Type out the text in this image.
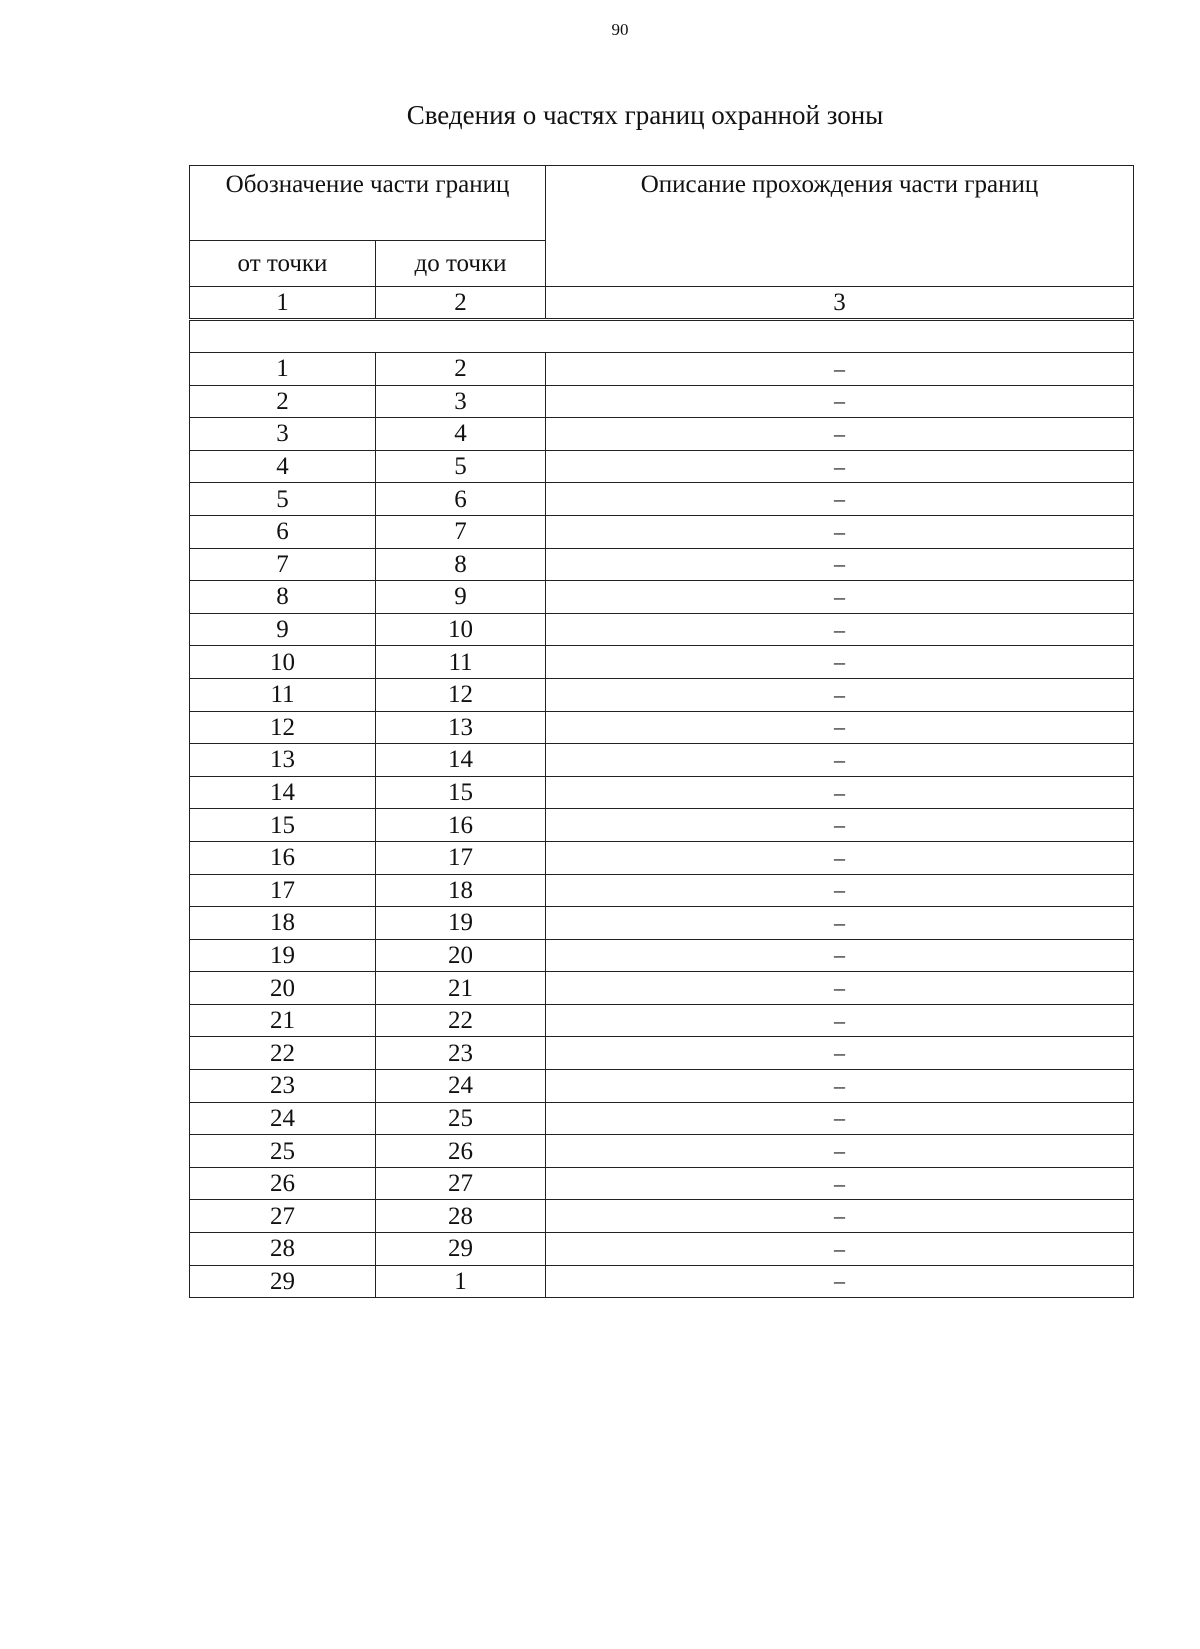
90
Сведения о частях границ охранной зоны
Обозначение части границ		Описание прохождения части границ
от точки	до точки	
1	2	3

1	2	–
2	3	–
3	4	–
4	5	–
5	6	–
6	7	–
7	8	–
8	9	–
9	10	–
10	11	–
11	12	–
12	13	–
13	14	–
14	15	–
15	16	–
16	17	–
17	18	–
18	19	–
19	20	–
20	21	–
21	22	–
22	23	–
23	24	–
24	25	–
25	26	–
26	27	–
27	28	–
28	29	–
29	1	–
